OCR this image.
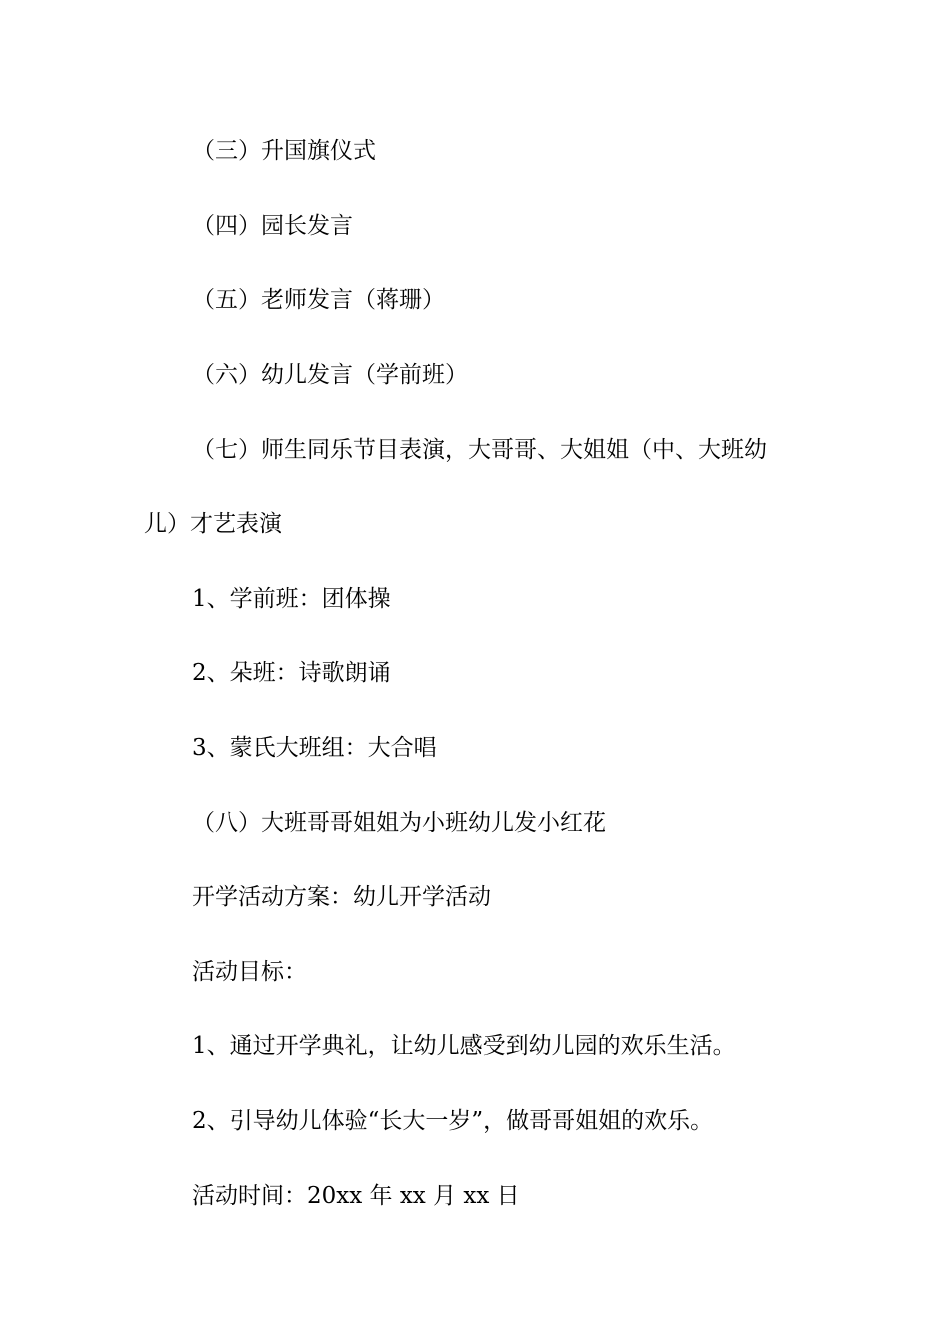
（三）升国旗仪式
（四）园长发言
（五）老师发言（蒋珊）
（六）幼儿发言（学前班）
（七）师生同乐节目表演，大哥哥、大姐姐（中、大班幼
儿）才艺表演
1、学前班：团体操
2、朵班：诗歌朗诵
3、蒙氏大班组：大合唱
（八）大班哥哥姐姐为小班幼儿发小红花
开学活动方案：幼儿开学活动
活动目标：
1、通过开学典礼，让幼儿感受到幼儿园的欢乐生活。
2、引导幼儿体验“长大一岁”，做哥哥姐姐的欢乐。
活动时间：20xx 年 xx 月 xx 日
